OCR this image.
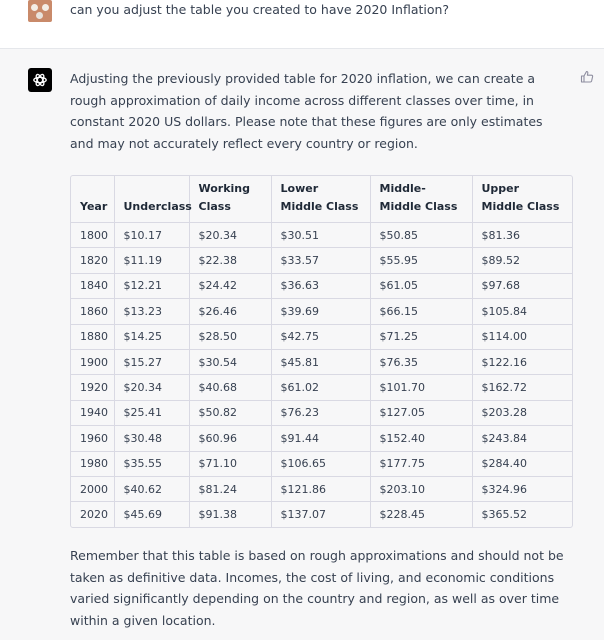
can you adjust the table you created to have 2020 Inflation?
Adjusting the previously provided table for 2020 inflation, we can create a rough approximation of daily income across different classes over time, in constant 2020 US dollars. Please note that these figures are only estimates and may not accurately reflect every country or region.
Year	Underclass	Working Class	Lower Middle Class	Middle-Middle Class	Upper Middle Class
1800	$10.17	$20.34	$30.51	$50.85	$81.36
1820	$11.19	$22.38	$33.57	$55.95	$89.52
1840	$12.21	$24.42	$36.63	$61.05	$97.68
1860	$13.23	$26.46	$39.69	$66.15	$105.84
1880	$14.25	$28.50	$42.75	$71.25	$114.00
1900	$15.27	$30.54	$45.81	$76.35	$122.16
1920	$20.34	$40.68	$61.02	$101.70	$162.72
1940	$25.41	$50.82	$76.23	$127.05	$203.28
1960	$30.48	$60.96	$91.44	$152.40	$243.84
1980	$35.55	$71.10	$106.65	$177.75	$284.40
2000	$40.62	$81.24	$121.86	$203.10	$324.96
2020	$45.69	$91.38	$137.07	$228.45	$365.52
Remember that this table is based on rough approximations and should not be taken as definitive data. Incomes, the cost of living, and economic conditions varied significantly depending on the country and region, as well as over time within a given location.
